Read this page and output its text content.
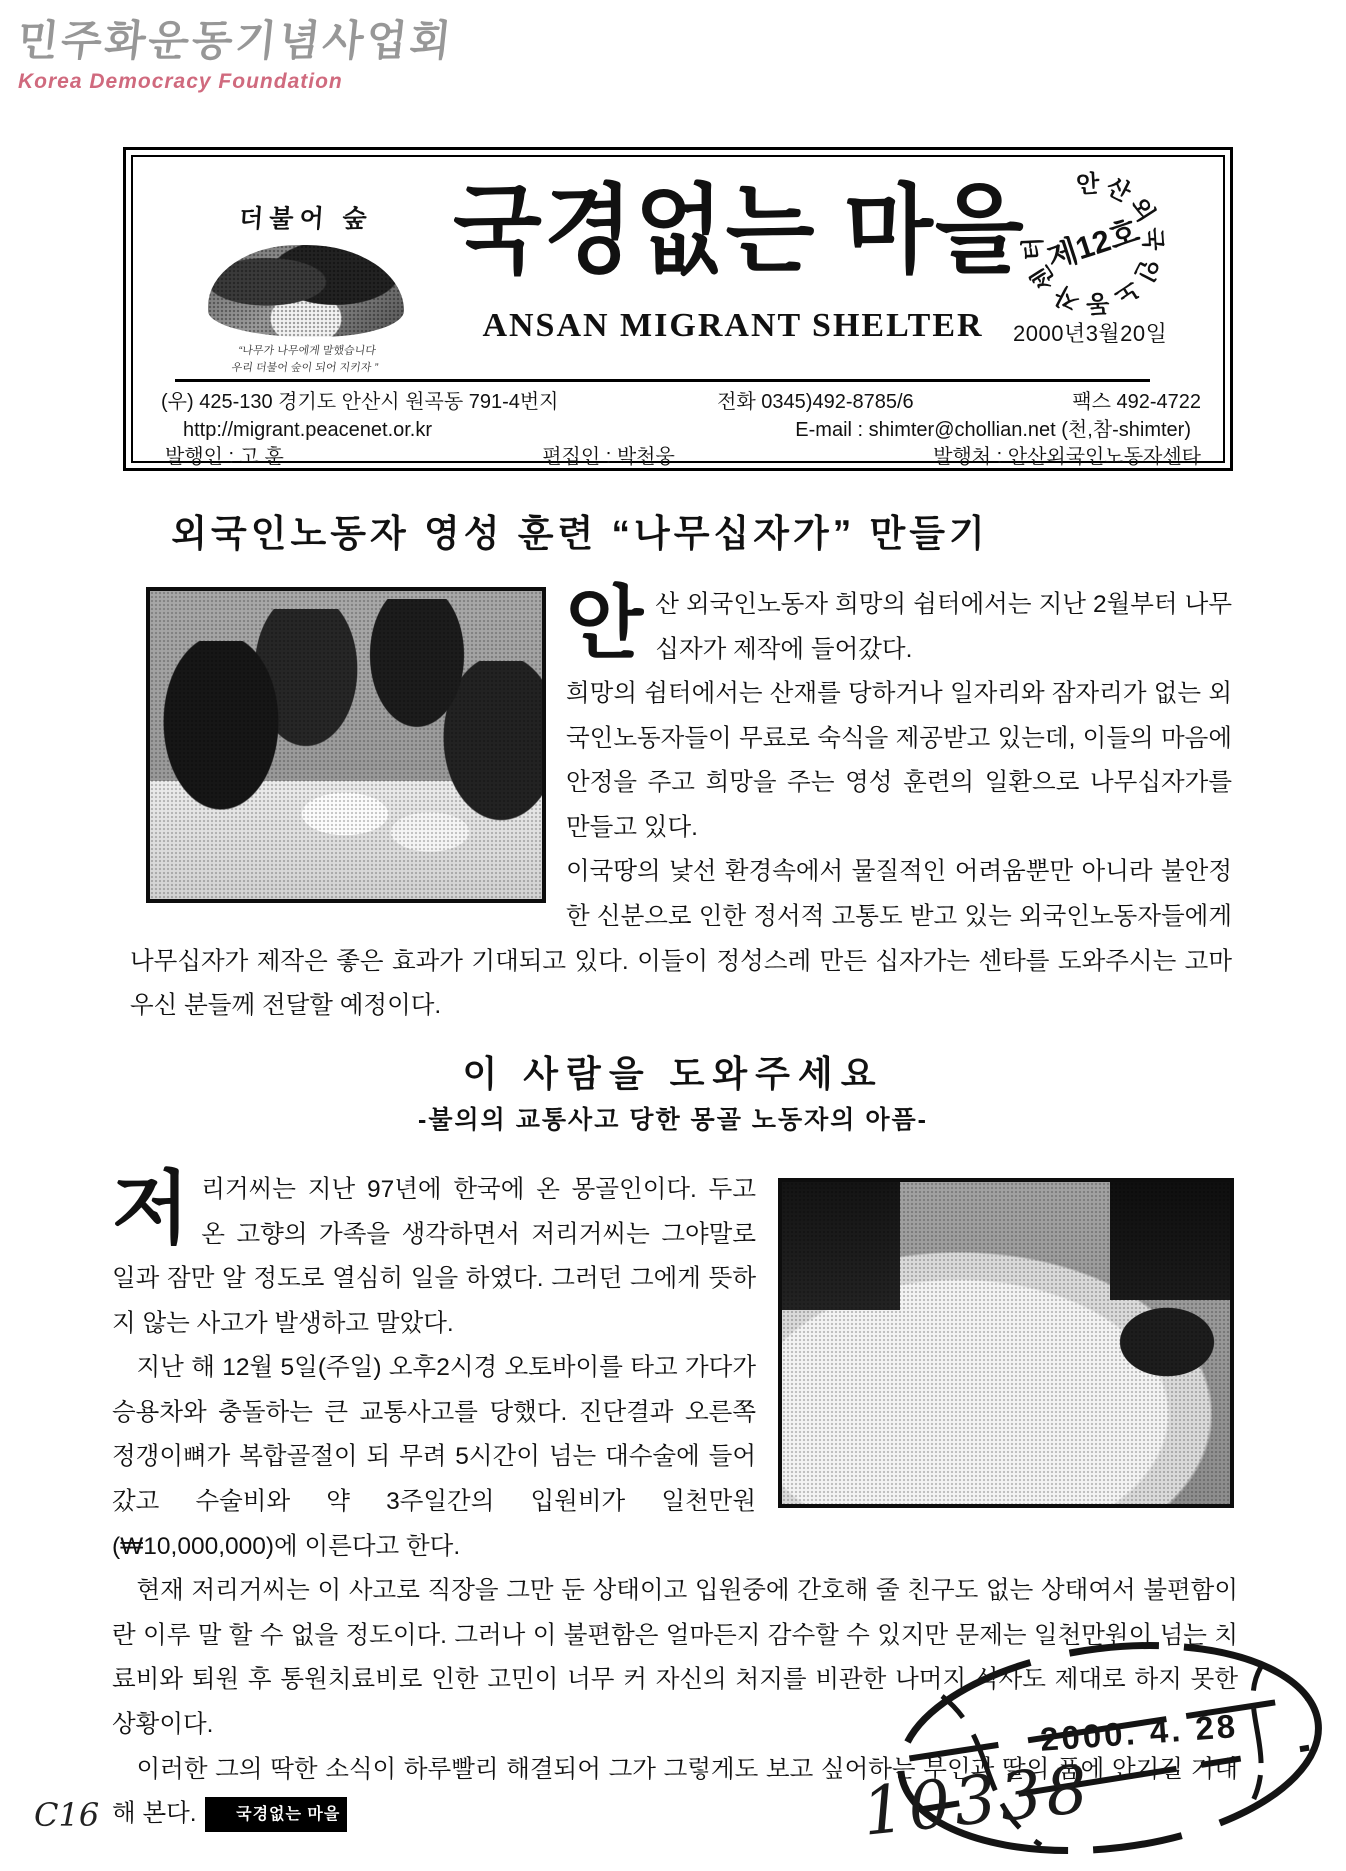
민주화운동기념사업회
Korea Democracy Foundation
더불어 숲
“나무가 나무에게 말했습니다
우리 더불어 숲이 되어 지키자 ”
국경없는 마을
ANSAN MIGRANT SHELTER
안산외국인노동자센터
제12호
2000년3월20일
(우) 425-130 경기도 안산시 원곡동 791-4번지	전화 0345)492-8785/6	팩스 492-4722
http://migrant.peacenet.or.kr	E-mail : shimter@chollian.net (천,참-shimter)
발행인 : 고 훈	편집인 : 박천웅	발행처 : 안산외국인노동자센타
외국인노동자 영성 훈련 “나무십자가” 만들기
안 산 외국인노동자 희망의 쉼터에서는 지난 2월부터 나무십자가 제작에 들어갔다.

희망의 쉼터에서는 산재를 당하거나 일자리와 잠자리가 없는 외국인노동자들이 무료로 숙식을 제공받고 있는데, 이들의 마음에 안정을 주고 희망을 주는 영성 훈련의 일환으로 나무십자가를 만들고 있다.

이국땅의 낯선 환경속에서 물질적인 어려움뿐만 아니라 불안정한 신분으로 인한 정서적 고통도 받고 있는 외국인노동자들에게 나무십자가 제작은 좋은 효과가 기대되고 있다. 이들이 정성스레 만든 십자가는 센타를 도와주시는 고마우신 분들께 전달할 예정이다.

이 사람을 도와주세요
-불의의 교통사고 당한 몽골 노동자의 아픔-
저 리거씨는 지난 97년에 한국에 온 몽골인이다. 두고 온 고향의 가족을 생각하면서 저리거씨는 그야말로 일과 잠만 알 정도로 열심히 일을 하였다. 그러던 그에게 뜻하지 않는 사고가 발생하고 말았다.

지난 해 12월 5일(주일) 오후2시경 오토바이를 타고 가다가 승용차와 충돌하는 큰 교통사고를 당했다. 진단결과 오른쪽 정갱이뼈가 복합골절이 되 무려 5시간이 넘는 대수술에 들어갔고 수술비와 약 3주일간의 입원비가 일천만원(₩10,000,000)에 이른다고 한다.

현재 저리거씨는 이 사고로 직장을 그만 둔 상태이고 입원중에 간호해 줄 친구도 없는 상태여서 불편함이란 이루 말 할 수 없을 정도이다. 그러나 이 불편함은 얼마든지 감수할 수 있지만 문제는 일천만원이 넘는 치료비와 퇴원 후 통원치료비로 인한 고민이 너무 커 자신의 처지를 비관한 나머지 식사도 제대로 하지 못한 상황이다.

이러한 그의 딱한 소식이 하루빨리 해결되어 그가 그렇게도 보고 싶어하는 부인과 딸의 품에 안기길 기대해 본다. 국경없는 마을

2000. 4. 28
10338
C16
